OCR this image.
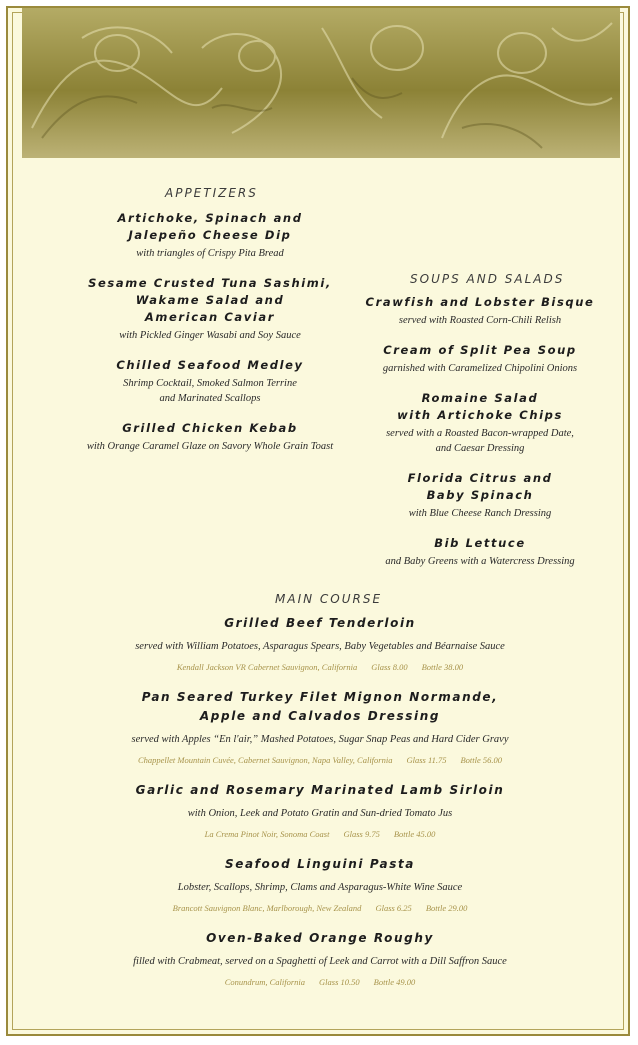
APPETIZERS
Artichoke, Spinach and
Jalepeño Cheese Dip
with triangles of Crispy Pita Bread
Sesame Crusted Tuna Sashimi,
Wakame Salad and
American Caviar
with Pickled Ginger Wasabi and Soy Sauce
Chilled Seafood Medley
Shrimp Cocktail, Smoked Salmon Terrine
and Marinated Scallops
Grilled Chicken Kebab
with Orange Caramel Glaze on Savory Whole Grain Toast
SOUPS AND SALADS
Crawfish and Lobster Bisque
served with Roasted Corn-Chili Relish
Cream of Split Pea Soup
garnished with Caramelized Chipolini Onions
Romaine Salad
with Artichoke Chips
served with a Roasted Bacon-wrapped Date,
and Caesar Dressing
Florida Citrus and
Baby Spinach
with Blue Cheese Ranch Dressing
Bib Lettuce
and Baby Greens with a Watercress Dressing
MAIN COURSE
Grilled Beef Tenderloin
served with William Potatoes, Asparagus Spears, Baby Vegetables and Béarnaise Sauce
Kendall Jackson VR Cabernet Sauvignon, California Glass 8.00 Bottle 38.00
Pan Seared Turkey Filet Mignon Normande,
Apple and Calvados Dressing
served with Apples “En l'air,” Mashed Potatoes, Sugar Snap Peas and Hard Cider Gravy
Chappellet Mountain Cuvée, Cabernet Sauvignon, Napa Valley, California Glass 11.75 Bottle 56.00
Garlic and Rosemary Marinated Lamb Sirloin
with Onion, Leek and Potato Gratin and Sun-dried Tomato Jus
La Crema Pinot Noir, Sonoma Coast Glass 9.75 Bottle 45.00
Seafood Linguini Pasta
Lobster, Scallops, Shrimp, Clams and Asparagus-White Wine Sauce
Brancott Sauvignon Blanc, Marlborough, New Zealand Glass 6.25 Bottle 29.00
Oven-Baked Orange Roughy
filled with Crabmeat, served on a Spaghetti of Leek and Carrot with a Dill Saffron Sauce
Conundrum, California Glass 10.50 Bottle 49.00
